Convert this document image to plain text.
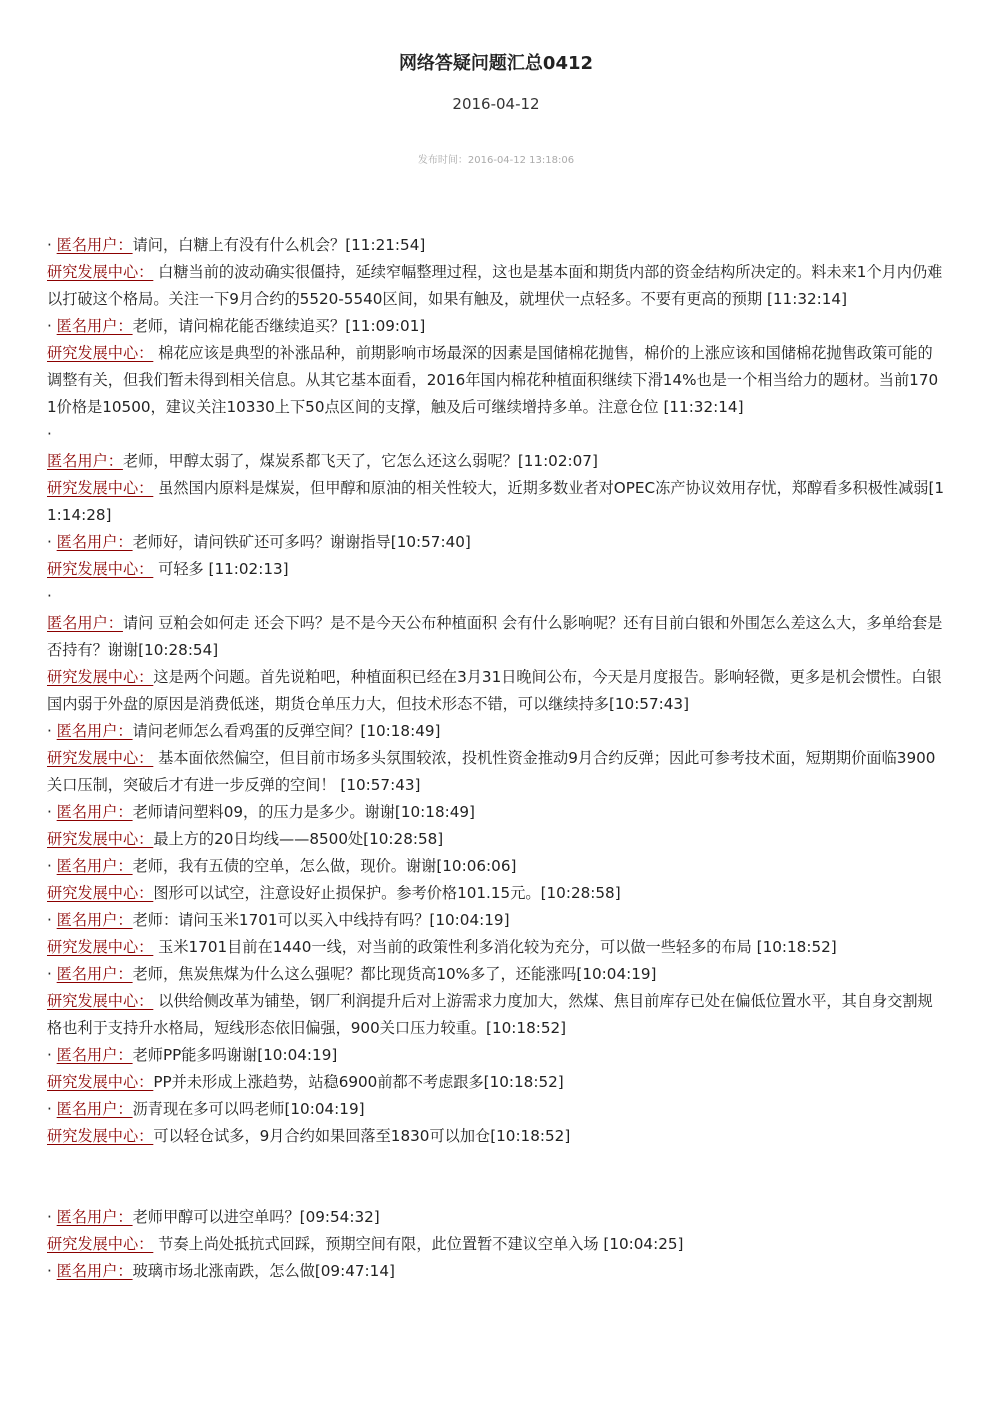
网络答疑问题汇总0412
2016-04-12
发布时间：2016-04-12 13:18:06
· 匿名用户：请问，白糖上有没有什么机会？[11:21:54]
研究发展中心： 白糖当前的波动确实很僵持，延续窄幅整理过程，这也是基本面和期货内部的资金结构所决定的。料未来1个月内仍难以打破这个格局。关注一下9月合约的5520-5540区间，如果有触及，就埋伏一点轻多。不要有更高的预期 [11:32:14]
· 匿名用户：老师，请问棉花能否继续追买？[11:09:01]
研究发展中心： 棉花应该是典型的补涨品种，前期影响市场最深的因素是国储棉花抛售，棉价的上涨应该和国储棉花抛售政策可能的调整有关，但我们暂未得到相关信息。从其它基本面看，2016年国内棉花种植面积继续下滑14%也是一个相当给力的题材。当前1701价格是10500，建议关注10330上下50点区间的支撑，触及后可继续增持多单。注意仓位 [11:32:14]
·
匿名用户：老师，甲醇太弱了，煤炭系都飞天了，它怎么还这么弱呢？[11:02:07]
研究发展中心： 虽然国内原料是煤炭，但甲醇和原油的相关性较大，近期多数业者对OPEC冻产协议效用存忧，郑醇看多积极性减弱[11:14:28]
· 匿名用户：老师好，请问铁矿还可多吗？谢谢指导[10:57:40]
研究发展中心： 可轻多 [11:02:13]
·
匿名用户：请问 豆粕会如何走 还会下吗？是不是今天公布种植面积 会有什么影响呢？还有目前白银和外围怎么差这么大，多单给套是否持有？谢谢[10:28:54]
研究发展中心：这是两个问题。首先说粕吧，种植面积已经在3月31日晚间公布，今天是月度报告。影响轻微，更多是机会惯性。白银国内弱于外盘的原因是消费低迷，期货仓单压力大，但技术形态不错，可以继续持多[10:57:43]
· 匿名用户：请问老师怎么看鸡蛋的反弹空间？[10:18:49]
研究发展中心： 基本面依然偏空，但目前市场多头氛围较浓，投机性资金推动9月合约反弹；因此可参考技术面，短期期价面临3900关口压制，突破后才有进一步反弹的空间！ [10:57:43]
· 匿名用户：老师请问塑料09，的压力是多少。谢谢[10:18:49]
研究发展中心：最上方的20日均线——8500处[10:28:58]
· 匿名用户：老师，我有五债的空单，怎么做，现价。谢谢[10:06:06]
研究发展中心：图形可以试空，注意设好止损保护。参考价格101.15元。[10:28:58]
· 匿名用户：老师：请问玉米1701可以买入中线持有吗？[10:04:19]
研究发展中心： 玉米1701目前在1440一线，对当前的政策性利多消化较为充分，可以做一些轻多的布局 [10:18:52]
· 匿名用户：老师，焦炭焦煤为什么这么强呢？都比现货高10%多了，还能涨吗[10:04:19]
研究发展中心： 以供给侧改革为铺垫，钢厂利润提升后对上游需求力度加大，然煤、焦目前库存已处在偏低位置水平，其自身交割规格也利于支持升水格局，短线形态依旧偏强，900关口压力较重。[10:18:52]
· 匿名用户：老师PP能多吗谢谢[10:04:19]
研究发展中心：PP并未形成上涨趋势，站稳6900前都不考虑跟多[10:18:52]
· 匿名用户：沥青现在多可以吗老师[10:04:19]
研究发展中心：可以轻仓试多，9月合约如果回落至1830可以加仓[10:18:52]
· 匿名用户：老师甲醇可以进空单吗？[09:54:32]
研究发展中心： 节奏上尚处抵抗式回踩，预期空间有限，此位置暂不建议空单入场 [10:04:25]
· 匿名用户：玻璃市场北涨南跌，怎么做[09:47:14]
